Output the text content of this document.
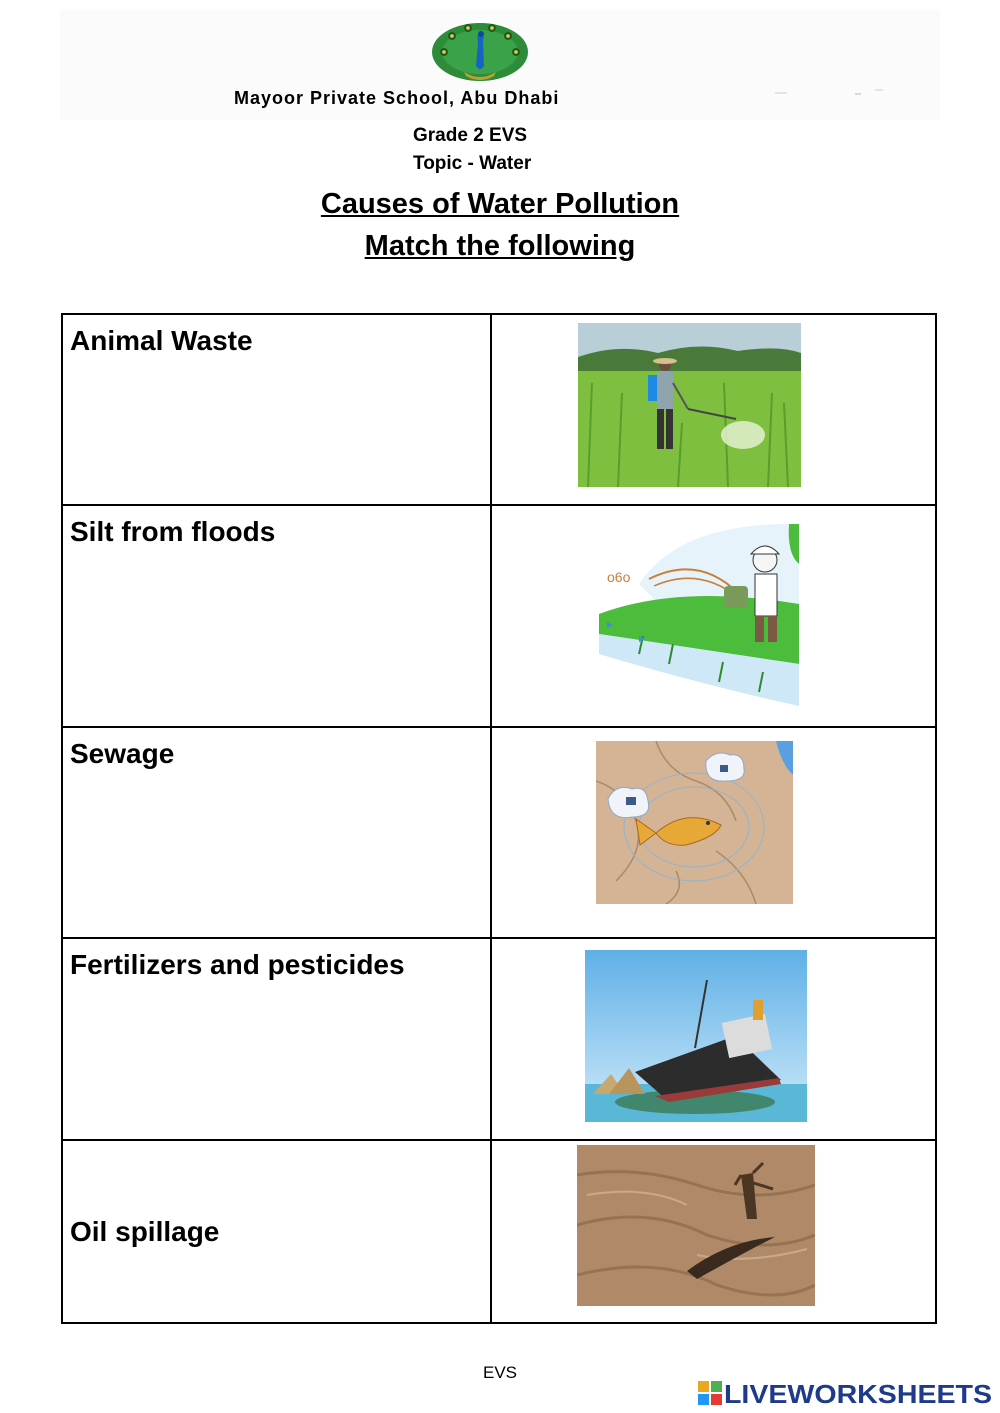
Mayoor Private School, Abu Dhabi
Grade 2 EVS
Topic - Water
Causes of Water Pollution
Match the following
Animal Waste

Silt from floods	o6o

Sewage

Fertilizers and pesticides

Oil spillage

EVS
LIVEWORKSHEETS
